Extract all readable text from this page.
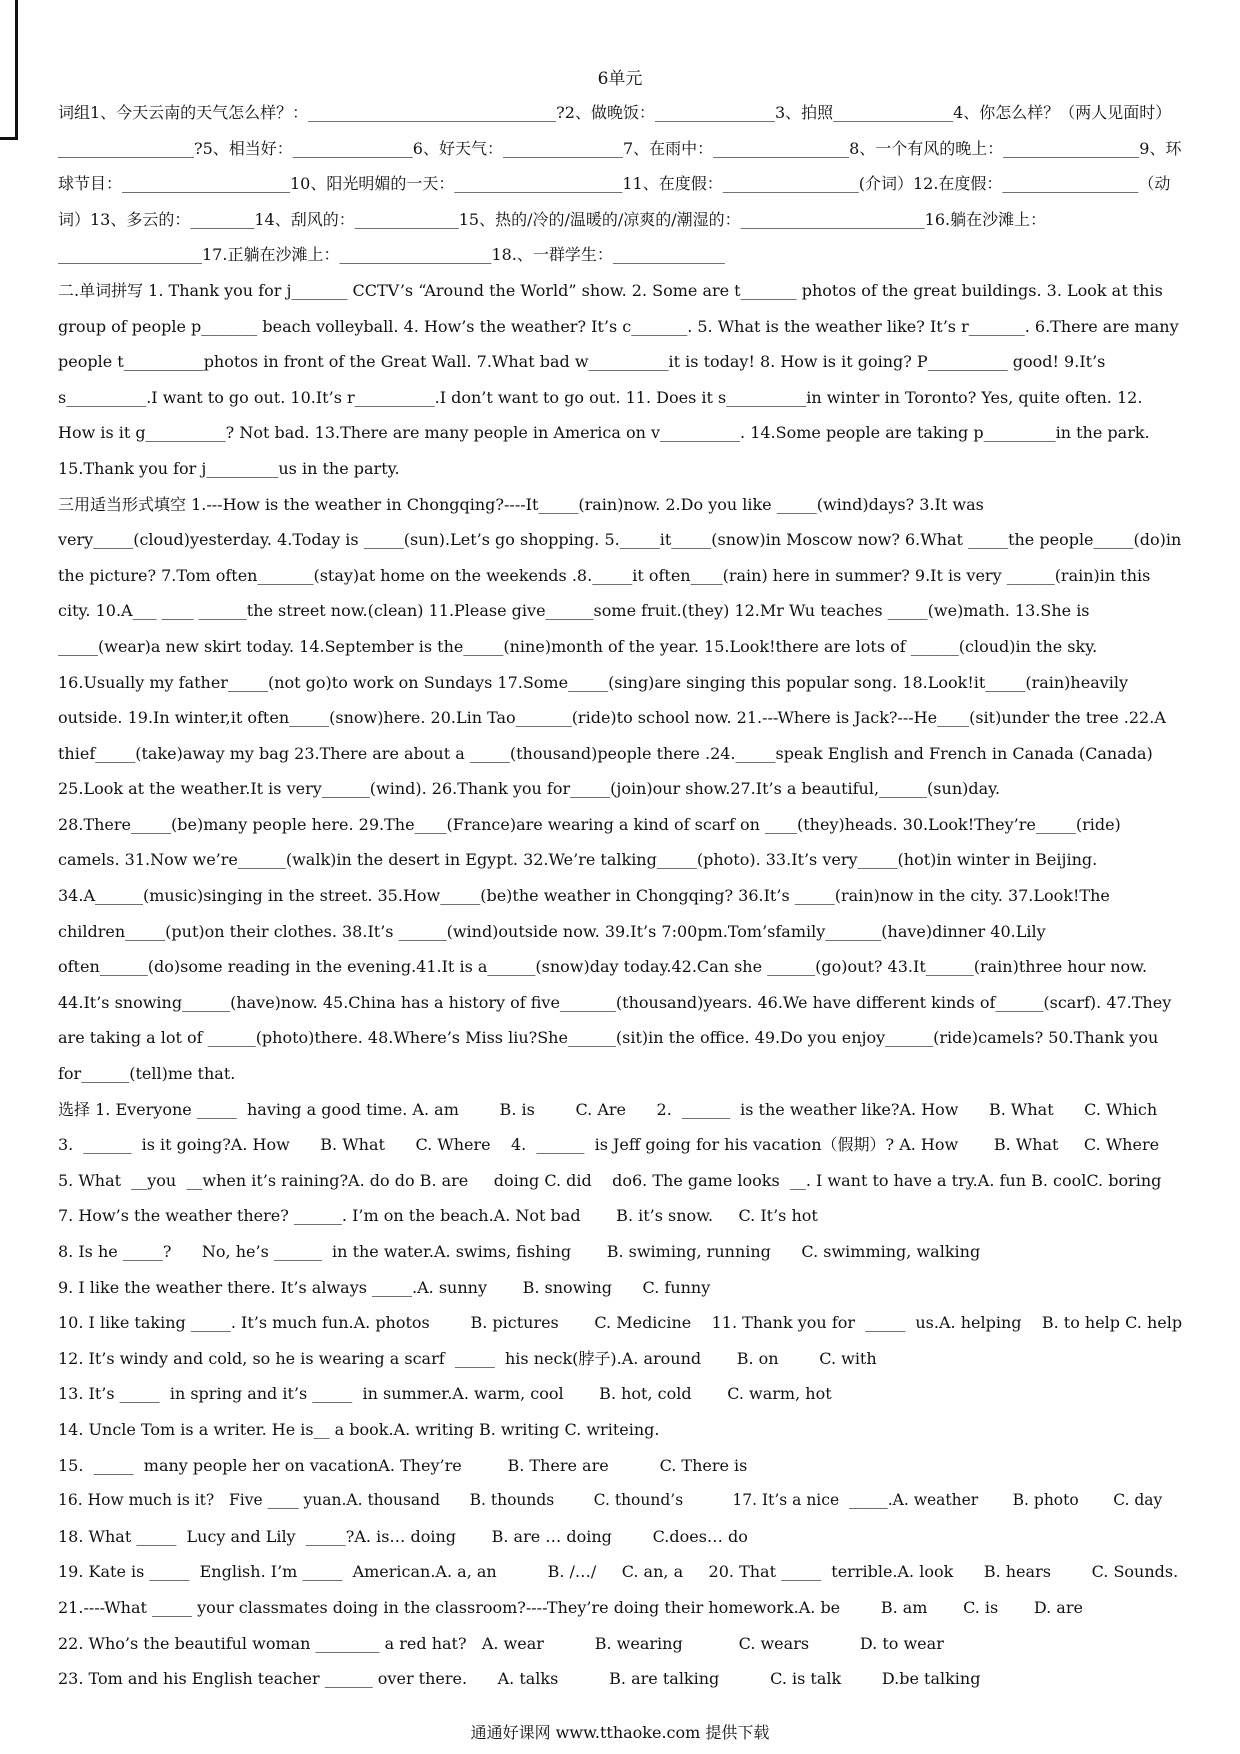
6单元

词组1、今天云南的天气怎么样？：_______________________________?2、做晚饭：_______________3、拍照_______________4、你怎么样？（两人见面时）_________________?5、相当好：_______________6、好天气：_______________7、在雨中：_________________8、一个有风的晚上：_________________9、环球节目：_____________________10、阳光明媚的一天：_____________________11、在度假：_________________(介词）12.在度假：_________________（动词）13、多云的：________14、刮风的：_____________15、热的/冷的/温暖的/凉爽的/潮湿的：_______________________16.躺在沙滩上：__________________17.正躺在沙滩上：___________________18.、一群学生：______________

二.单词拼写 1. Thank you for j_______ CCTV’s “Around the World” show. 2. Some are t_______ photos of the great buildings. 3. Look at this group of people p_______ beach volleyball. 4. How’s the weather? It’s c_______. 5. What is the weather like? It’s r_______. 6.There are many people t__________photos in front of the Great Wall. 7.What bad w__________it is today! 8. How is it going? P__________ good! 9.It’s s__________.I want to go out. 10.It’s r__________.I don’t want to go out. 11. Does it s__________in winter in Toronto? Yes, quite often. 12. How is it g__________? Not bad. 13.There are many people in America on v__________. 14.Some people are taking p_________in the park. 15.Thank you for j_________us in the party.

三用适当形式填空 1.---How is the weather in Chongqing?----It_____(rain)now. 2.Do you like _____(wind)days? 3.It was very_____(cloud)yesterday. 4.Today is _____(sun).Let’s go shopping. 5._____it_____(snow)in Moscow now? 6.What _____the people_____(do)in the picture? 7.Tom often_______(stay)at home on the weekends .8._____it often____(rain) here in summer? 9.It is very ______(rain)in this city. 10.A___ ____ ______the street now.(clean) 11.Please give______some fruit.(they) 12.Mr Wu teaches _____(we)math. 13.She is _____(wear)a new skirt today. 14.September is the_____(nine)month of the year. 15.Look!there are lots of ______(cloud)in the sky. 16.Usually my father_____(not go)to work on Sundays 17.Some_____(sing)are singing this popular song. 18.Look!it_____(rain)heavily outside. 19.In winter,it often_____(snow)here. 20.Lin Tao_______(ride)to school now. 21.---Where is Jack?---He____(sit)under the tree .22.A thief_____(take)away my bag 23.There are about a _____(thousand)people there .24._____speak English and French in Canada (Canada) 25.Look at the weather.It is very______(wind). 26.Thank you for_____(join)our show.27.It’s a beautiful,______(sun)day. 28.There_____(be)many people here. 29.The____(France)are wearing a kind of scarf on ____(they)heads. 30.Look!They’re_____(ride) camels. 31.Now we’re______(walk)in the desert in Egypt. 32.We’re talking_____(photo). 33.It’s very_____(hot)in winter in Beijing. 34.A______(music)singing in the street. 35.How_____(be)the weather in Chongqing? 36.It’s _____(rain)now in the city. 37.Look!The children_____(put)on their clothes. 38.It’s ______(wind)outside now. 39.It’s 7:00pm.Tom’sfamily_______(have)dinner 40.Lily often______(do)some reading in the evening.41.It is a______(snow)day today.42.Can she ______(go)out? 43.It______(rain)three hour now. 44.It’s snowing______(have)now. 45.China has a history of five_______(thousand)years. 46.We have different kinds of______(scarf). 47.They are taking a lot of ______(photo)there. 48.Where’s Miss liu?She______(sit)in the office. 49.Do you enjoy______(ride)camels? 50.Thank you for______(tell)me that.

选择 1. Everyone _____  having a good time. A. am        B. is        C. Are      2.  ______  is the weather like?A. How      B. What      C. Which

3.  ______  is it going?A. How      B. What      C. Where    4.  ______  is Jeff going for his vacation（假期）? A. How       B. What     C. Where

5. What  __you  __when it’s raining?A. do do B. are     doing C. did    do6. The game looks  __. I want to have a try.A. fun B. coolC. boring

7. How’s the weather there? ______. I’m on the beach.A. Not bad       B. it’s snow.     C. It’s hot

8. Is he _____?      No, he’s ______  in the water.A. swims, fishing       B. swiming, running      C. swimming, walking

9. I like the weather there. It’s always _____.A. sunny       B. snowing      C. funny

10. I like taking _____. It’s much fun.A. photos        B. pictures       C. Medicine    11. Thank you for  _____  us.A. helping    B. to help C. help

12. It’s windy and cold, so he is wearing a scarf  _____  his neck(脖子).A. around       B. on        C. with

13. It’s _____  in spring and it’s _____  in summer.A. warm, cool       B. hot, cold       C. warm, hot

14. Uncle Tom is a writer. He is__ a book.A. writing B. writing C. writeing.

15.  _____  many people her on vacationA. They’re         B. There are          C. There is

16. How much is it?   Five ____ yuan.A. thousand      B. thounds        C. thound’s          17. It’s a nice  _____.A. weather       B. photo       C. day

18. What _____  Lucy and Lily  _____?A. is… doing       B. are … doing        C.does… do

19. Kate is _____  English. I’m _____  American.A. a, an          B. /…/     C. an, a     20. That _____  terrible.A. look      B. hears        C. Sounds.

21.----What _____ your classmates doing in the classroom?----They’re doing their homework.A. be        B. am       C. is       D. are

22. Who’s the beautiful woman ________ a red hat?   A. wear          B. wearing           C. wears          D. to wear

23. Tom and his English teacher ______ over there.      A. talks          B. are talking          C. is talk        D.be talking

通通好课网 www.tthaoke.com 提供下载
